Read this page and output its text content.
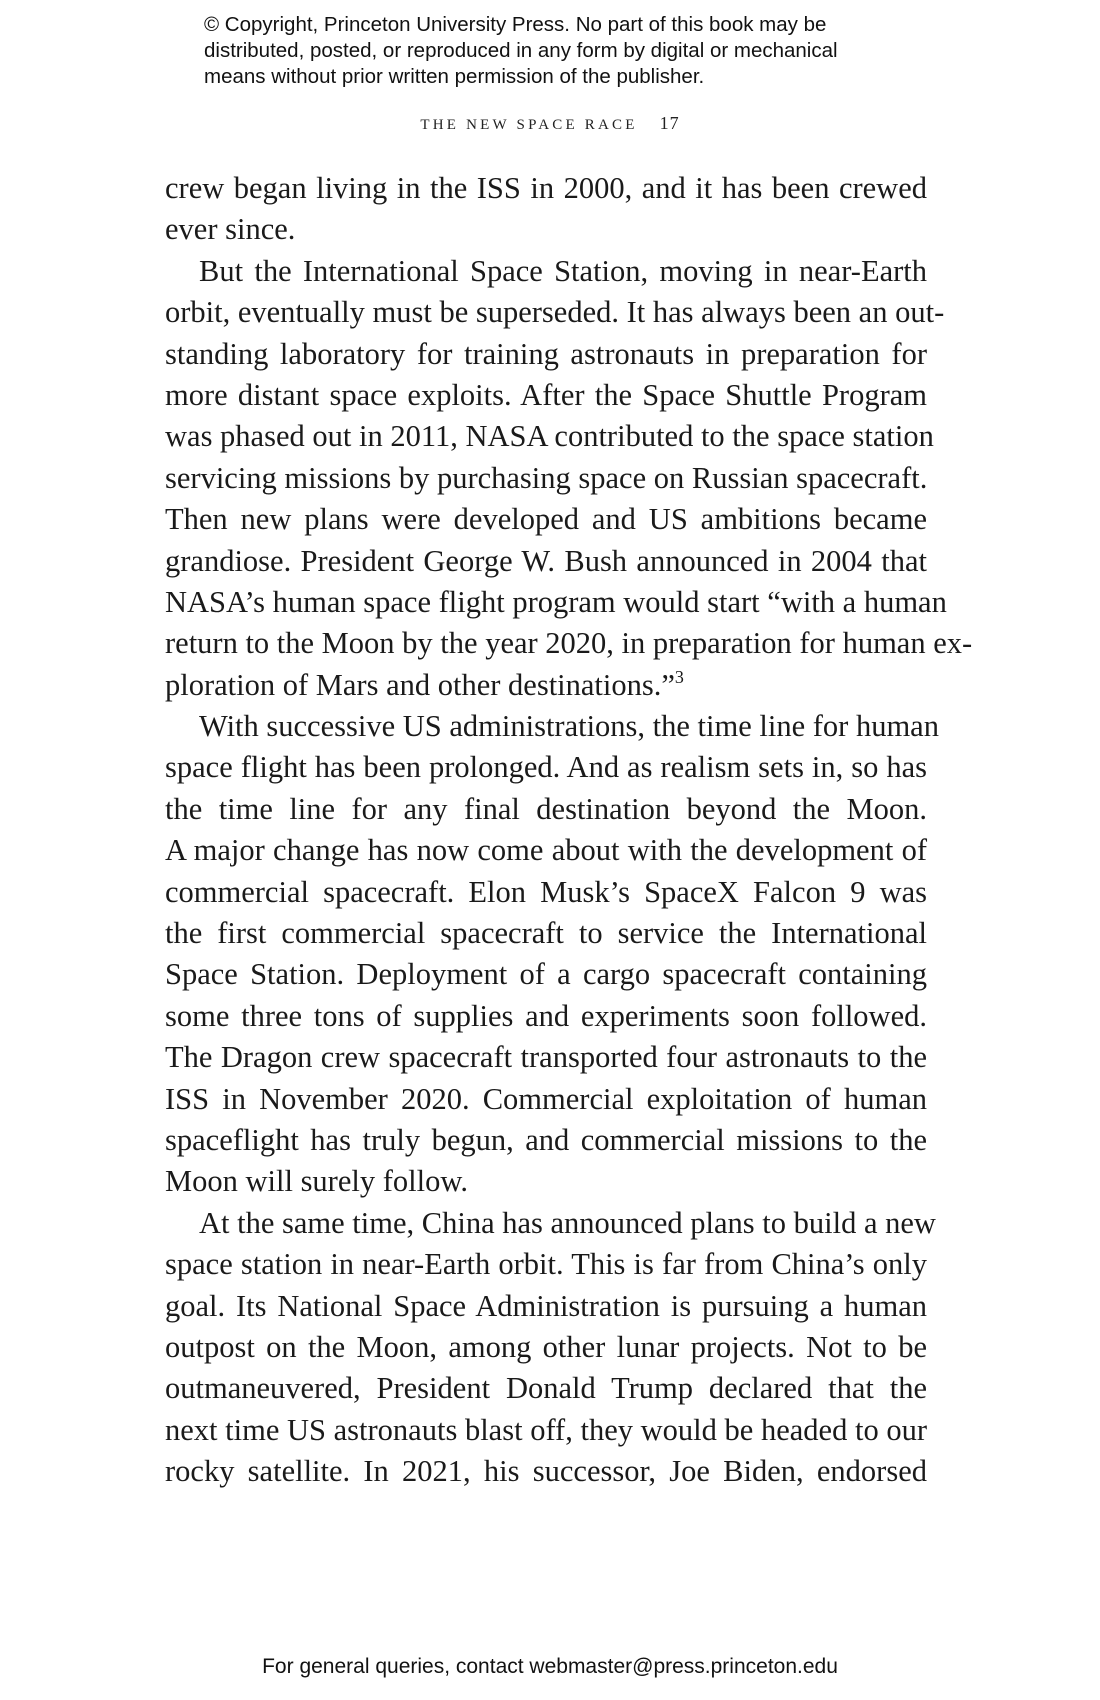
© Copyright, Princeton University Press. No part of this book may be
distributed, posted, or reproduced in any form by digital or mechanical
means without prior written permission of the publisher.
THE NEW SPACE RACE 17
crew began living in the ISS in 2000, and it has been crewed
ever since.
But the International Space Station, moving in near-Earth
orbit, eventually must be superseded. It has always been an out-
standing laboratory for training astronauts in preparation for
more distant space exploits. After the Space Shuttle Program
was phased out in 2011, NASA contributed to the space station
servicing missions by purchasing space on Russian spacecraft.
Then new plans were developed and US ambitions became
grandiose. President George W. Bush announced in 2004 that
NASA’s human space flight program would start “with a human
return to the Moon by the year 2020, in preparation for human ex-
ploration of Mars and other destinations.”$^3$
With successive US administrations, the time line for human
space flight has been prolonged. And as realism sets in, so has
the time line for any final destination beyond the Moon.
A major change has now come about with the development of
commercial spacecraft. Elon Musk’s SpaceX Falcon 9 was
the first commercial spacecraft to service the International
Space Station. Deployment of a cargo spacecraft containing
some three tons of supplies and experiments soon followed.
The Dragon crew spacecraft transported four astronauts to the
ISS in November 2020. Commercial exploitation of human
spaceflight has truly begun, and commercial missions to the
Moon will surely follow.
At the same time, China has announced plans to build a new
space station in near-Earth orbit. This is far from China’s only
goal. Its National Space Administration is pursuing a human
outpost on the Moon, among other lunar projects. Not to be
outmaneuvered, President Donald Trump declared that the
next time US astronauts blast off, they would be headed to our
rocky satellite. In 2021, his successor, Joe Biden, endorsed
For general queries, contact webmaster@press.princeton.edu
